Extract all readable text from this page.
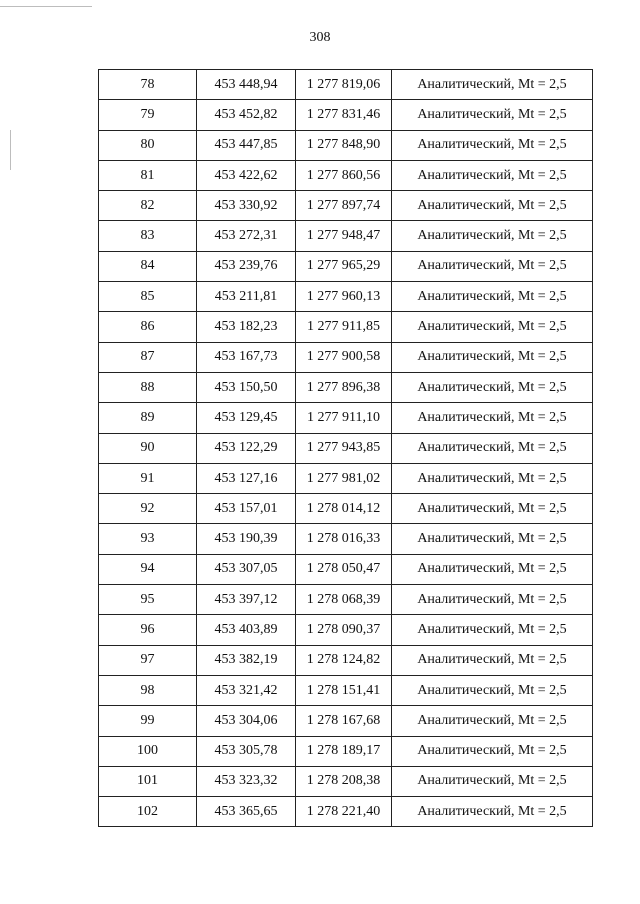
308
78	453 448,94	1 277 819,06	Аналитический, Mt = 2,5
79	453 452,82	1 277 831,46	Аналитический, Mt = 2,5
80	453 447,85	1 277 848,90	Аналитический, Mt = 2,5
81	453 422,62	1 277 860,56	Аналитический, Mt = 2,5
82	453 330,92	1 277 897,74	Аналитический, Mt = 2,5
83	453 272,31	1 277 948,47	Аналитический, Mt = 2,5
84	453 239,76	1 277 965,29	Аналитический, Mt = 2,5
85	453 211,81	1 277 960,13	Аналитический, Mt = 2,5
86	453 182,23	1 277 911,85	Аналитический, Mt = 2,5
87	453 167,73	1 277 900,58	Аналитический, Mt = 2,5
88	453 150,50	1 277 896,38	Аналитический, Mt = 2,5
89	453 129,45	1 277 911,10	Аналитический, Mt = 2,5
90	453 122,29	1 277 943,85	Аналитический, Mt = 2,5
91	453 127,16	1 277 981,02	Аналитический, Mt = 2,5
92	453 157,01	1 278 014,12	Аналитический, Mt = 2,5
93	453 190,39	1 278 016,33	Аналитический, Mt = 2,5
94	453 307,05	1 278 050,47	Аналитический, Mt = 2,5
95	453 397,12	1 278 068,39	Аналитический, Mt = 2,5
96	453 403,89	1 278 090,37	Аналитический, Mt = 2,5
97	453 382,19	1 278 124,82	Аналитический, Mt = 2,5
98	453 321,42	1 278 151,41	Аналитический, Mt = 2,5
99	453 304,06	1 278 167,68	Аналитический, Mt = 2,5
100	453 305,78	1 278 189,17	Аналитический, Mt = 2,5
101	453 323,32	1 278 208,38	Аналитический, Mt = 2,5
102	453 365,65	1 278 221,40	Аналитический, Mt = 2,5
